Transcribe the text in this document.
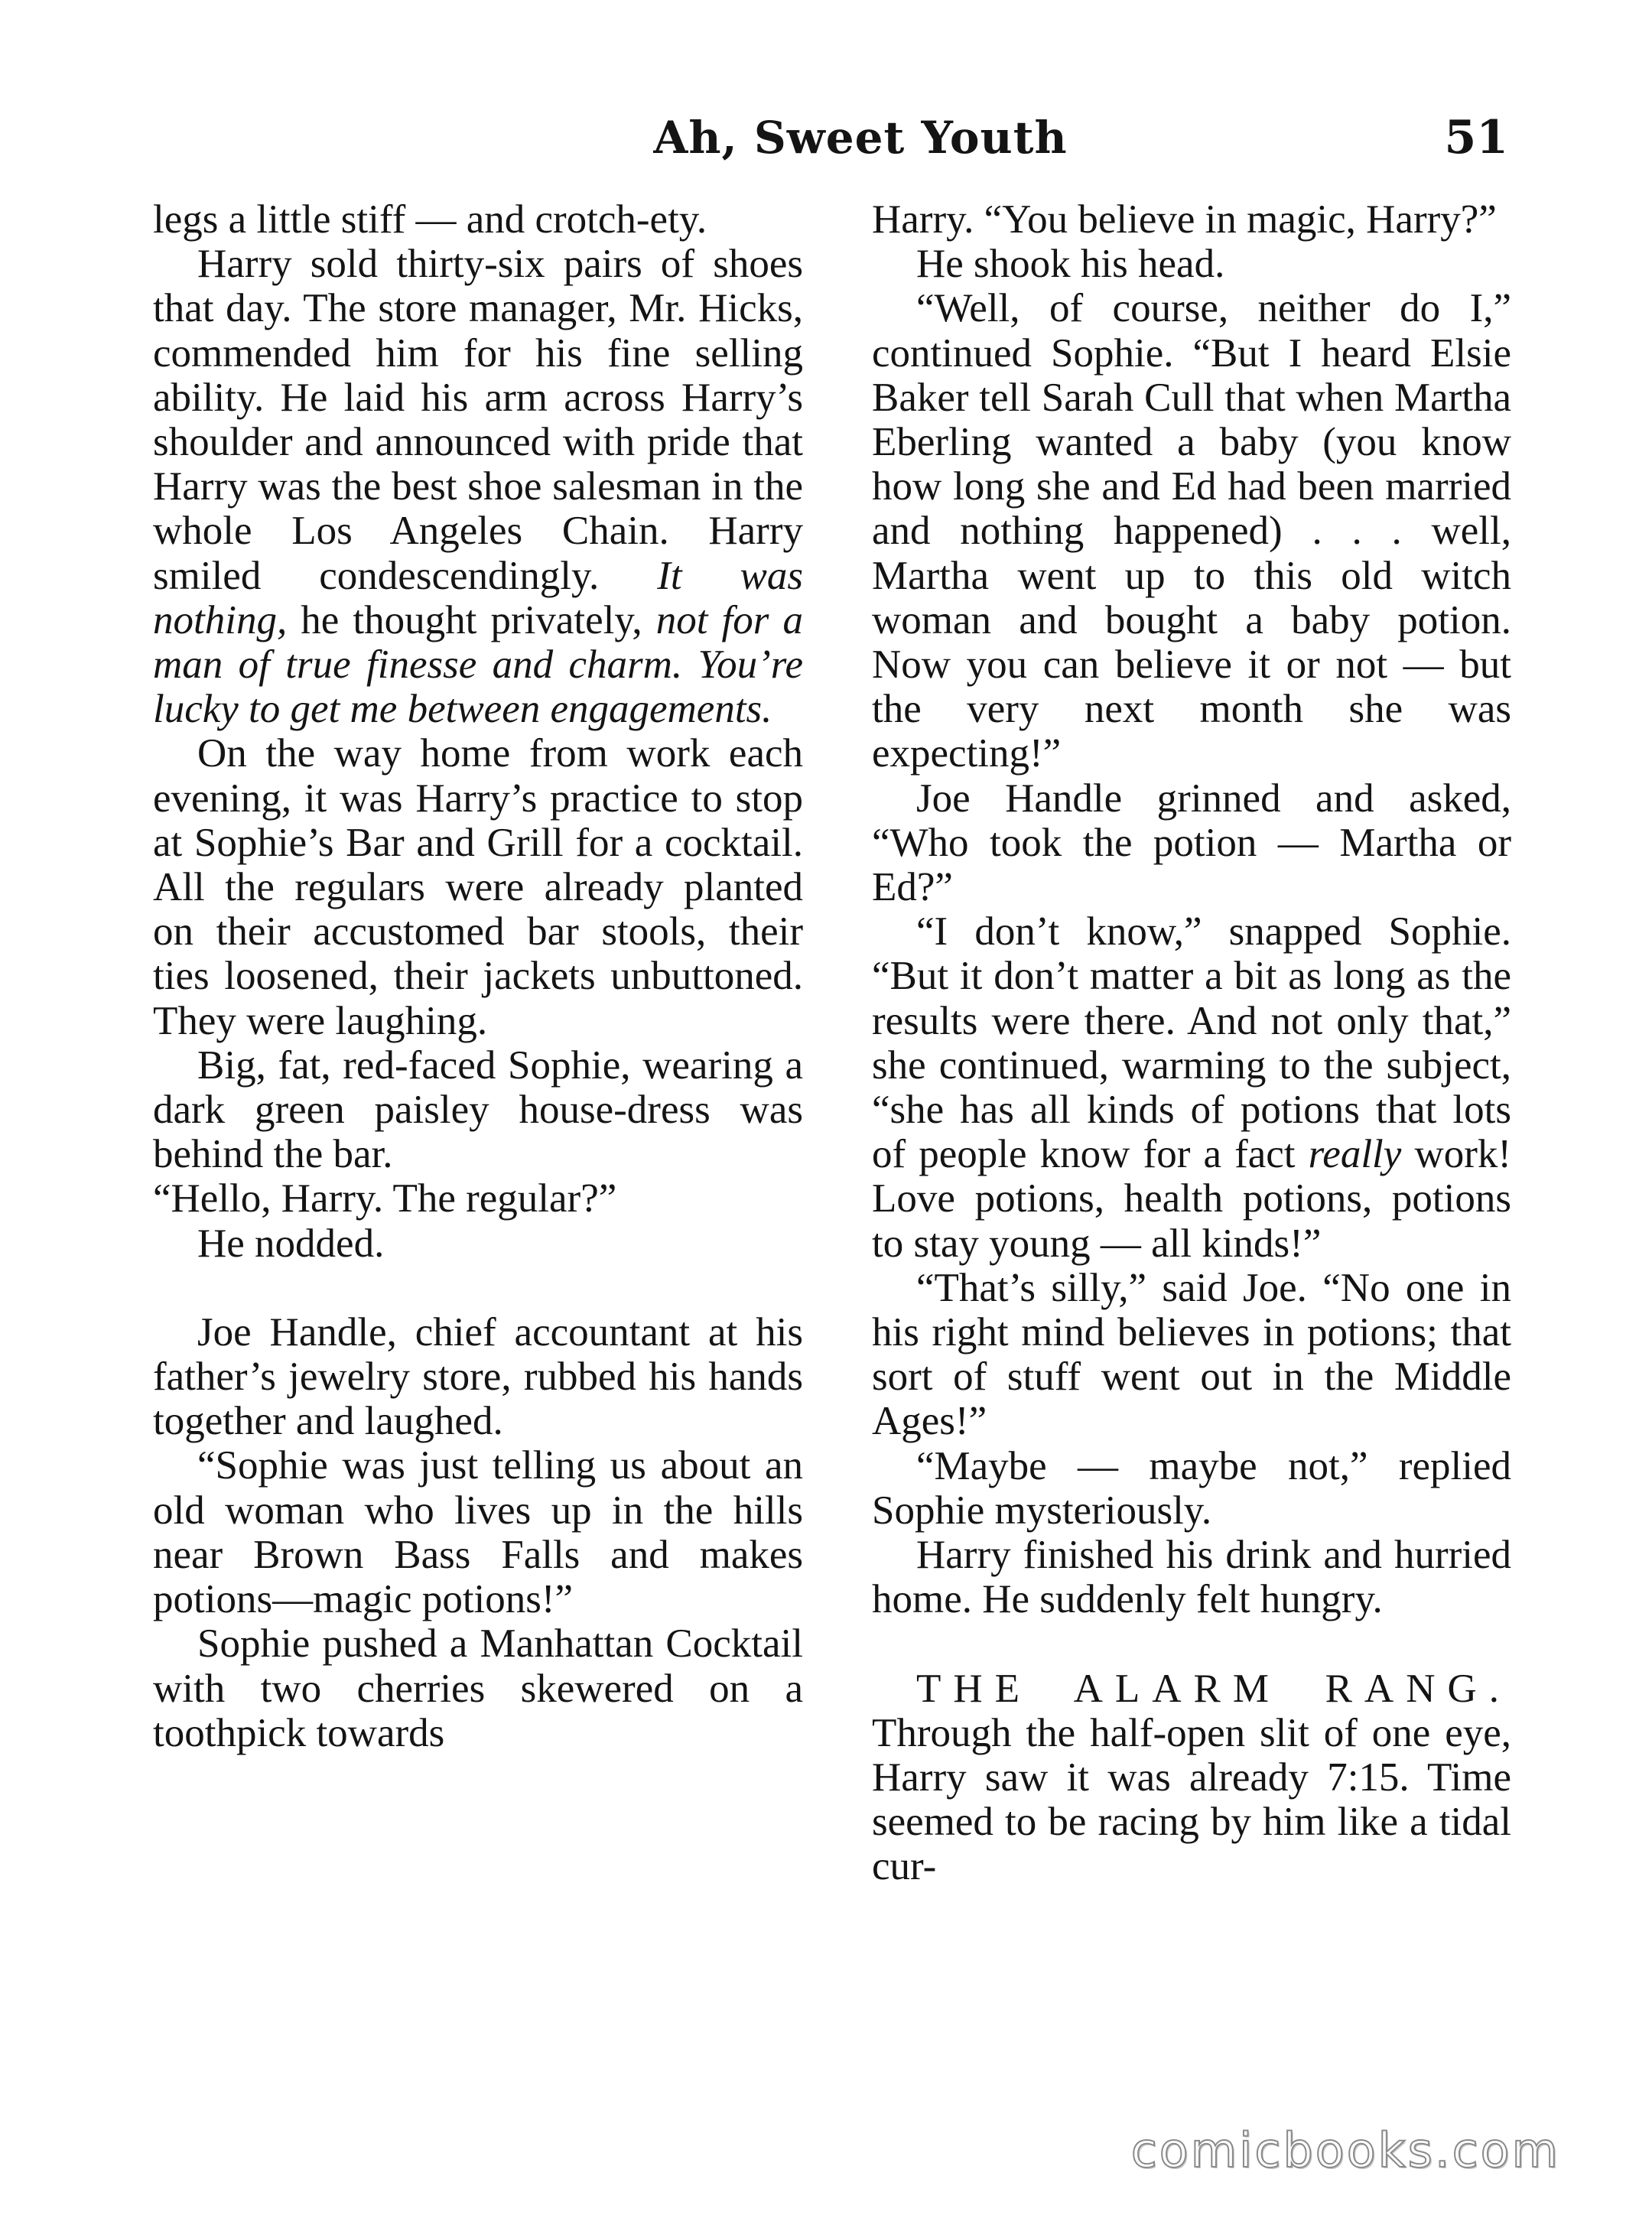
Ah, Sweet Youth	51

legs a little stiff — and crotch-ety.

Harry sold thirty-six pairs of shoes that day. The store manager, Mr. Hicks, commended him for his fine selling ability. He laid his arm across Harry’s shoulder and announced with pride that Harry was the best shoe salesman in the whole Los Angeles Chain. Harry smiled condescendingly. It was nothing, he thought privately, not for a man of true finesse and charm. You’re lucky to get me between engagements.

On the way home from work each evening, it was Harry’s practice to stop at Sophie’s Bar and Grill for a cocktail. All the regulars were already planted on their accustomed bar stools, their ties loosened, their jackets unbuttoned. They were laughing.

Big, fat, red-faced Sophie, wearing a dark green paisley house-dress was behind the bar.

“Hello, Harry. The regular?”

He nodded.

Joe Handle, chief accountant at his father’s jewelry store, rubbed his hands together and laughed.

“Sophie was just telling us about an old woman who lives up in the hills near Brown Bass Falls and makes potions—magic potions!”

Sophie pushed a Manhattan Cocktail with two cherries skewered on a toothpick towards

Harry. “You believe in magic, Harry?”

He shook his head.

“Well, of course, neither do I,” continued Sophie. “But I heard Elsie Baker tell Sarah Cull that when Martha Eberling wanted a baby (you know how long she and Ed had been married and nothing happened) . . . well, Martha went up to this old witch woman and bought a baby potion. Now you can believe it or not — but the very next month she was expecting!”

Joe Handle grinned and asked, “Who took the potion — Martha or Ed?”

“I don’t know,” snapped Sophie. “But it don’t matter a bit as long as the results were there. And not only that,” she continued, warming to the subject, “she has all kinds of potions that lots of people know for a fact really work! Love potions, health potions, potions to stay young — all kinds!”

“That’s silly,” said Joe. “No one in his right mind believes in potions; that sort of stuff went out in the Middle Ages!”

“Maybe — maybe not,” replied Sophie mysteriously.

Harry finished his drink and hurried home. He suddenly felt hungry.

THE ALARM RANG. Through the half-open slit of one eye, Harry saw it was already 7:15. Time seemed to be racing by him like a tidal cur-

comicbooks.com
